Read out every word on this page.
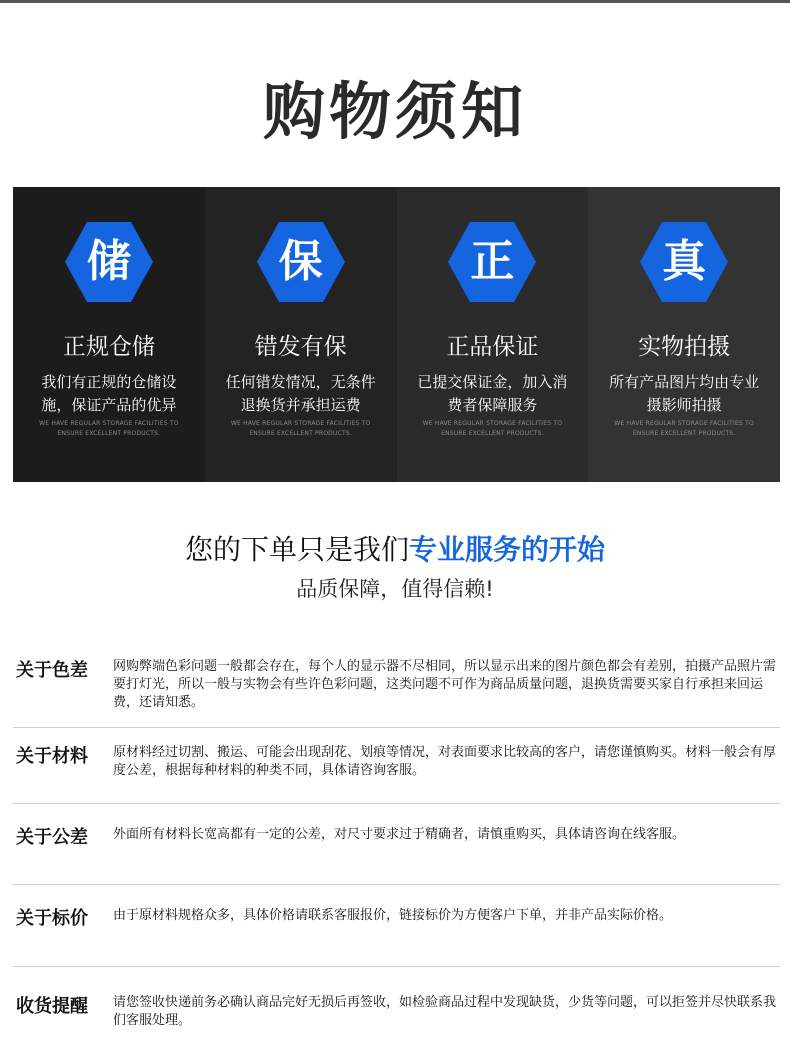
购物须知
储
正规仓储
我们有正规的仓储设施，保证产品的优异
WE HAVE REGULAR STORAGE FACILITIES TO ENSURE EXCELLENT PRODUCTS.
保
错发有保
任何错发情况，无条件退换货并承担运费
WE HAVE REGULAR STORAGE FACILITIES TO ENSURE EXCELLENT PRODUCTS.
正
正品保证
已提交保证金，加入消费者保障服务
WE HAVE REGULAR STORAGE FACILITIES TO ENSURE EXCELLENT PRODUCTS.
真
实物拍摄
所有产品图片均由专业摄影师拍摄
WE HAVE REGULAR STORAGE FACILITIES TO ENSURE EXCELLENT PRODUCTS.
您的下单只是我们专业服务的开始
品质保障，值得信赖!
关于色差 网购弊端色彩问题一般都会存在，每个人的显示器不尽相同，所以显示出来的图片颜色都会有差别，拍摄产品照片需要打灯光，所以一般与实物会有些许色彩问题，这类问题不可作为商品质量问题，退换货需要买家自行承担来回运费，还请知悉。
关于材料 原材料经过切割、搬运、可能会出现刮花、划痕等情况，对表面要求比较高的客户，请您谨慎购买。材料一般会有厚度公差，根据每种材料的种类不同，具体请咨询客服。
关于公差 外面所有材料长宽高都有一定的公差，对尺寸要求过于精确者，请慎重购买，具体请咨询在线客服。
关于标价 由于原材料规格众多，具体价格请联系客服报价，链接标价为方便客户下单，并非产品实际价格。
收货提醒 请您签收快递前务必确认商品完好无损后再签收，如检验商品过程中发现缺货，少货等问题，可以拒签并尽快联系我们客服处理。
